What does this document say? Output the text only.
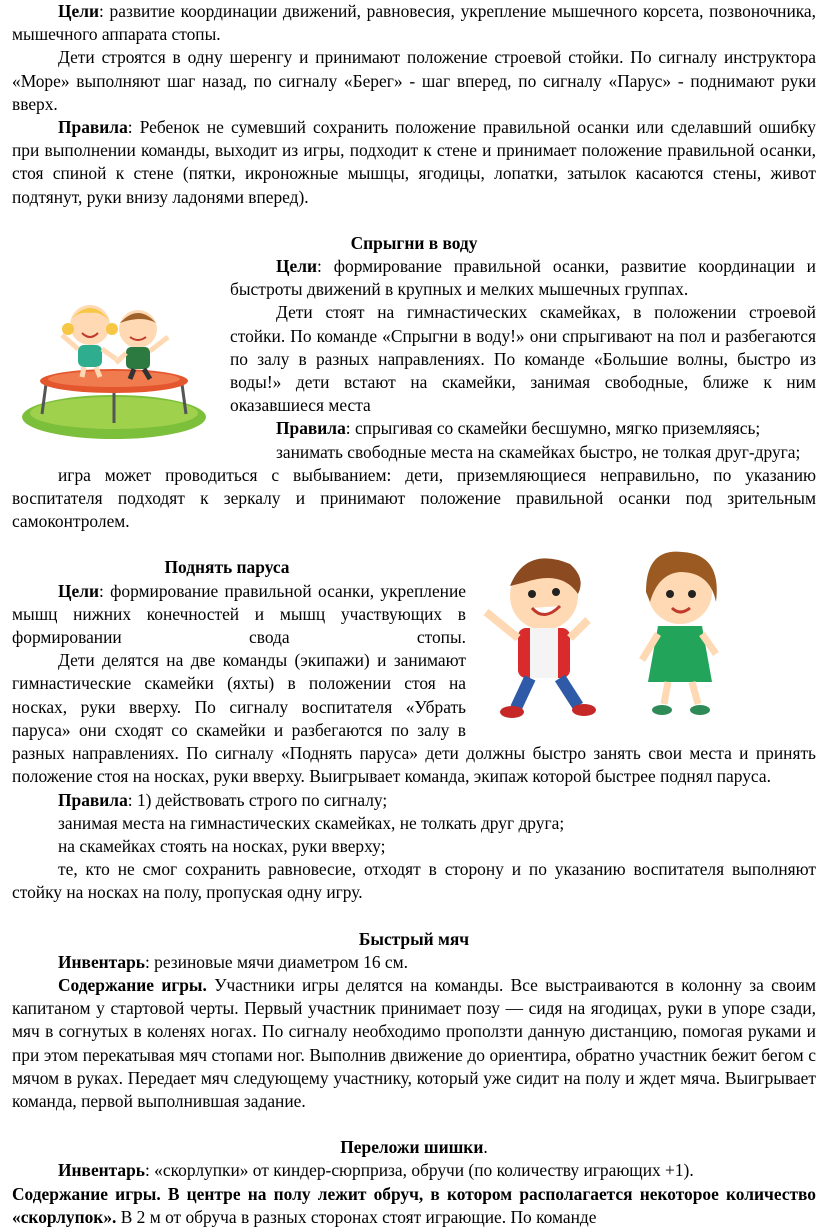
Цели: развитие координации движений, равновесия, укрепление мышечного корсета, позвоночника, мышечного аппарата стопы.

Дети строятся в одну шеренгу и принимают положение строевой стойки. По сигналу инструктора «Море» выполняют шаг назад, по сигналу «Берег» - шаг вперед, по сигналу «Парус» - поднимают руки вверх.

Правила: Ребенок не сумевший сохранить положение правильной осанки или сделавший ошибку при выполнении команды, выходит из игры, подходит к стене и принимает положение правильной осанки, стоя спиной к стене (пятки, икроножные мышцы, ягодицы, лопатки, затылок касаются стены, живот подтянут, руки внизу ладонями вперед).

Спрыгни в воду

Цели: формирование правильной осанки, развитие координации и быстроты движений в крупных и мелких мышечных группах.

Дети стоят на гимнастических скамейках, в положении строевой стойки. По команде «Спрыгни в воду!» они спрыгивают на пол и разбегаются по залу в разных направлениях. По команде «Большие волны, быстро из воды!» дети встают на скамейки, занимая свободные, ближе к ним оказавшиеся места

Правила: спрыгивая со скамейки бесшумно, мягко приземляясь;

занимать свободные места на скамейках быстро, не толкая друг-друга;

игра может проводиться с выбыванием: дети, приземляющиеся неправильно, по указанию воспитателя подходят к зеркалу и принимают положение правильной осанки под зрительным самоконтролем.

Поднять паруса

Цели: формирование правильной осанки, укрепление мышц нижних конечностей и мышц участвующих в формировании свода стопы.

Дети делятся на две команды (экипажи) и занимают гимнастические скамейки (яхты) в положении стоя на носках, руки вверху. По сигналу воспитателя «Убрать паруса» они сходят со скамейки и разбегаются по залу в разных направлениях. По сигналу «Поднять паруса» дети должны быстро занять свои места и принять положение стоя на носках, руки вверху. Выигрывает команда, экипаж которой быстрее поднял паруса.

Правила: 1) действовать строго по сигналу;

занимая места на гимнастических скамейках, не толкать друг друга;

на скамейках стоять на носках, руки вверху;

те, кто не смог сохранить равновесие, отходят в сторону и по указанию воспитателя выполняют стойку на носках на полу, пропуская одну игру.

Быстрый мяч

Инвентарь: резиновые мячи диаметром 16 см.

Содержание игры. Участники игры делятся на команды. Все выстраиваются в колонну за своим капитаном у стартовой черты. Первый участник принимает позу — сидя на ягодицах, руки в упоре сзади, мяч в согнутых в коленях ногах. По сигналу необходимо проползти данную дистанцию, помогая руками и при этом перекатывая мяч стопами ног. Выполнив движение до ориентира, обратно участник бежит бегом с мячом в руках. Передает мяч следующему участнику, который уже сидит на полу и ждет мяча. Выигрывает команда, первой выполнившая задание.

Переложи шишки.

Инвентарь: «скорлупки» от киндер-сюрприза, обручи (по количеству играющих +1).

Содержание игры. В центре на полу лежит обруч, в котором располагается некоторое количество «скорлупок». В 2 м от обруча в разных сторонах стоят играющие. По команде
